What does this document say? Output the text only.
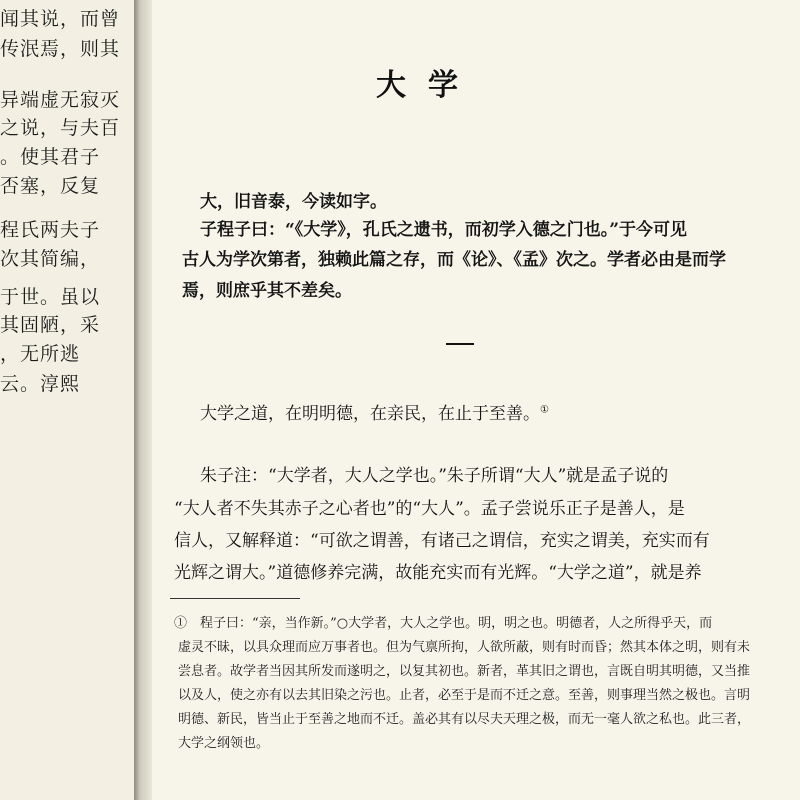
闻其说，而曾
传泯焉，则其
异端虚无寂灭
之说，与夫百
。使其君子
否塞，反复
程氏两夫子
次其简编，
于世。虽以
其固陋，采
，无所逃
云。淳熙
大学
大，旧音泰，今读如字。
子程子曰：“《大学》，孔氏之遗书，而初学入德之门也。”于今可见
古人为学次第者，独赖此篇之存，而《论》、《孟》次之。学者必由是而学
焉，则庶乎其不差矣。
大学之道，在明明德，在亲民，在止于至善。①
朱子注：“大学者，大人之学也。”朱子所谓“大人”就是孟子说的
“大人者不失其赤子之心者也”的“大人”。孟子尝说乐正子是善人，是
信人，又解释道：“可欲之谓善，有诸己之谓信，充实之谓美，充实而有
光辉之谓大。”道德修养完满，故能充实而有光辉。“大学之道”，就是养
①　程子曰：“亲，当作新。”○大学者，大人之学也。明，明之也。明德者，人之所得乎天，而
虚灵不昧，以具众理而应万事者也。但为气禀所拘，人欲所蔽，则有时而昏；然其本体之明，则有未
尝息者。故学者当因其所发而遂明之，以复其初也。新者，革其旧之谓也，言既自明其明德，又当推
以及人，使之亦有以去其旧染之污也。止者，必至于是而不迁之意。至善，则事理当然之极也。言明
明德、新民，皆当止于至善之地而不迁。盖必其有以尽夫天理之极，而无一毫人欲之私也。此三者，
大学之纲领也。
